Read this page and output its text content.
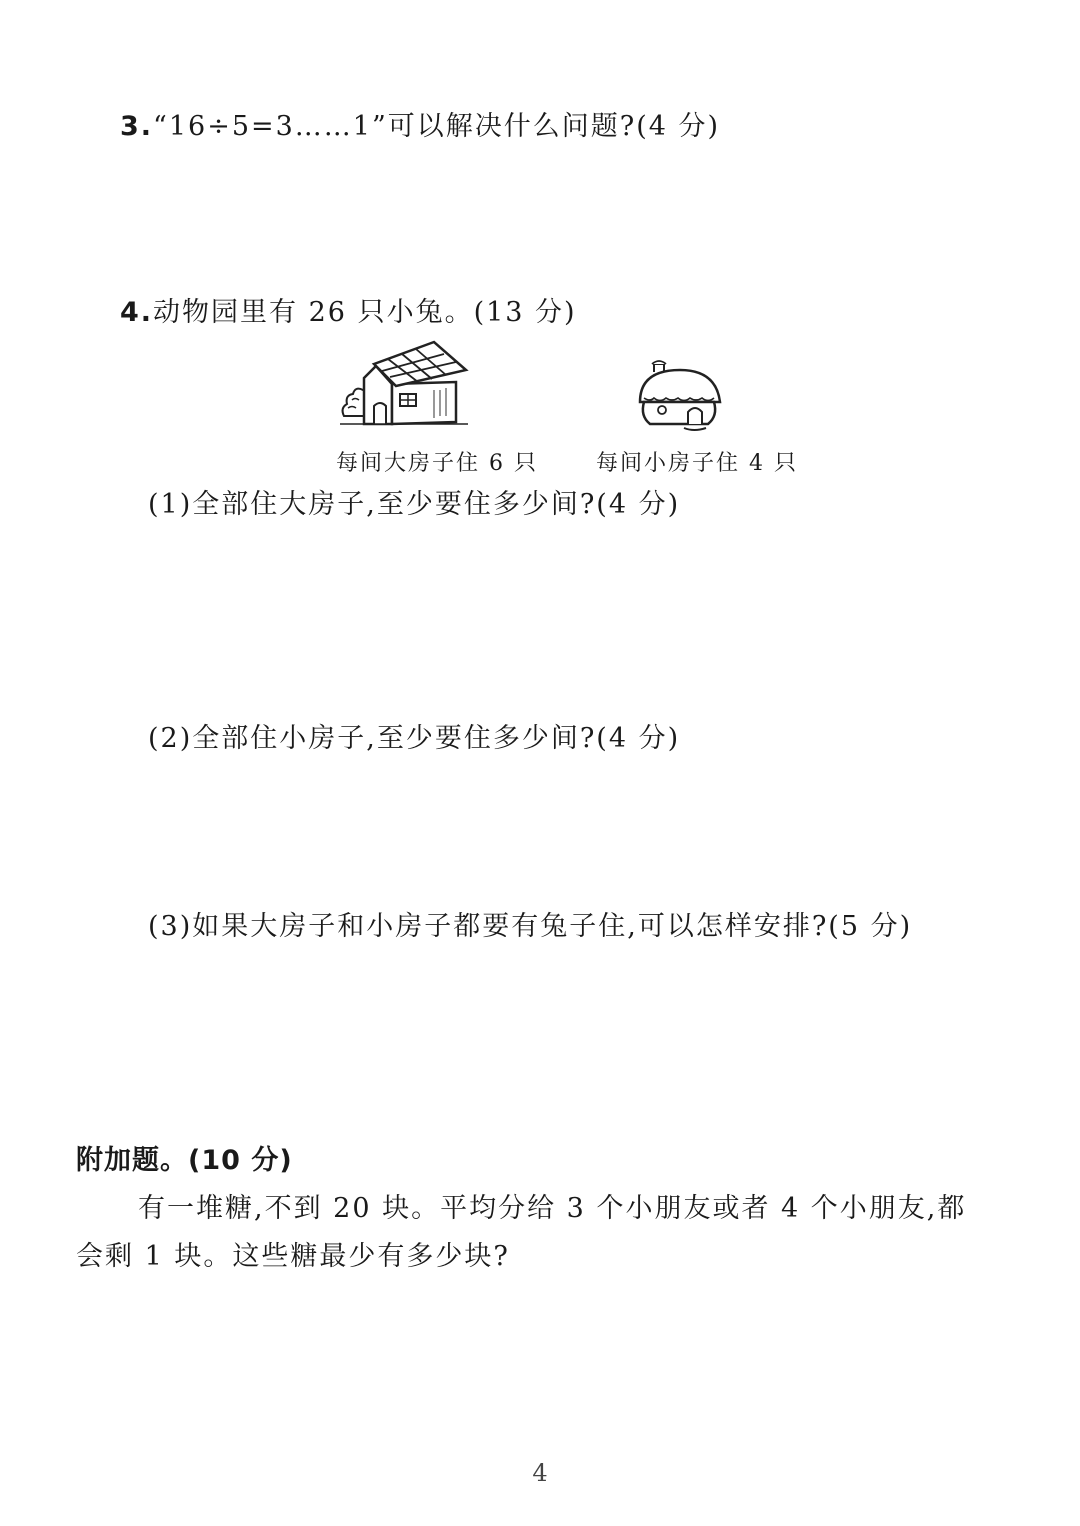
3.“16÷5=3……1”可以解决什么问题?(4 分)
4.动物园里有 26 只小兔。(13 分)
每间大房子住 6 只	每间小房子住 4 只
(1)全部住大房子,至少要住多少间?(4 分)
(2)全部住小房子,至少要住多少间?(4 分)
(3)如果大房子和小房子都要有兔子住,可以怎样安排?(5 分)
附加题。(10 分)
有一堆糖,不到 20 块。平均分给 3 个小朋友或者 4 个小朋友,都
会剩 1 块。这些糖最少有多少块?
4
